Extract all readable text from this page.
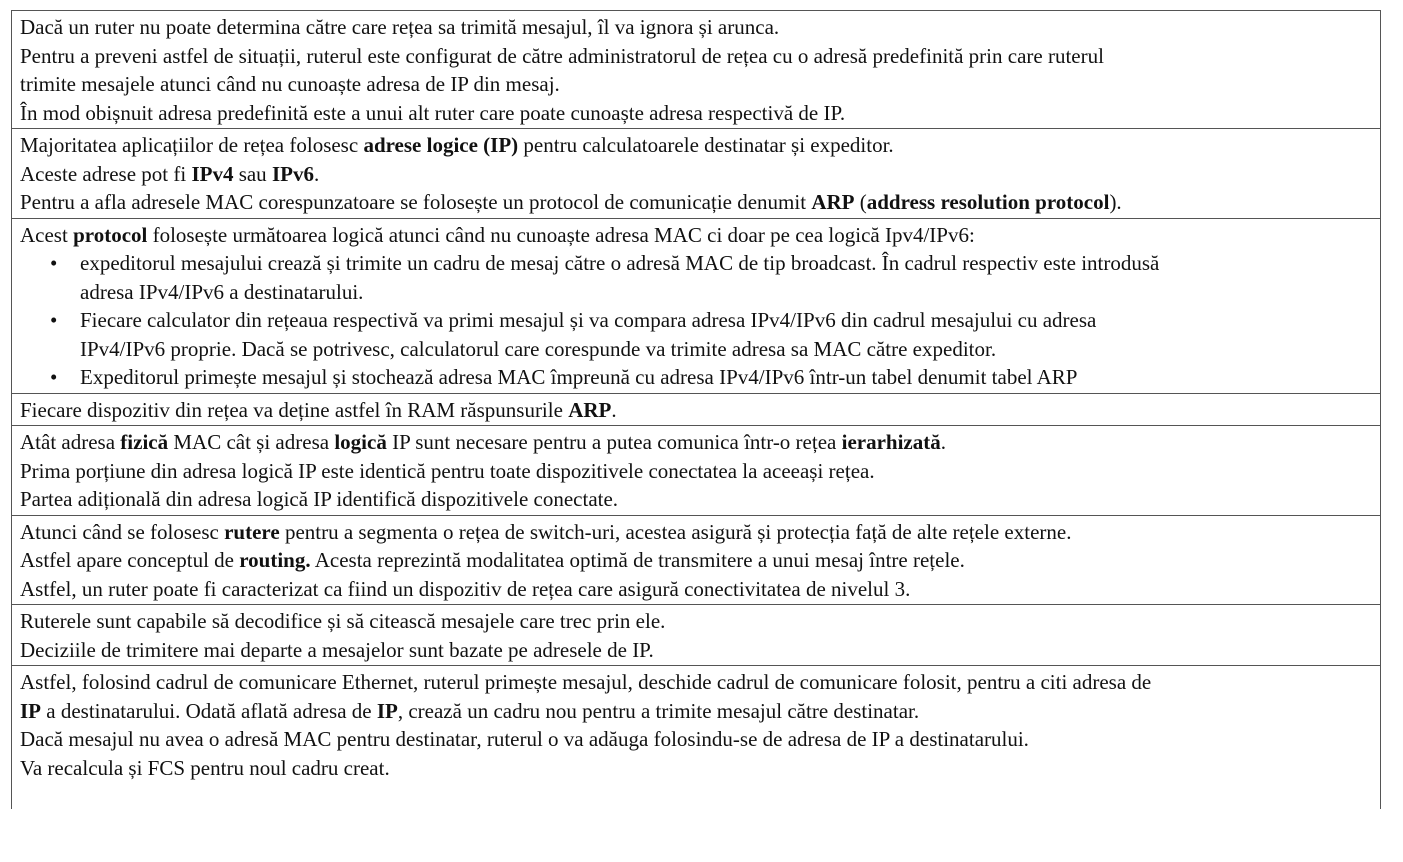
Dacă un ruter nu poate determina către care rețea sa trimită mesajul, îl va ignora și arunca.
Pentru a preveni astfel de situații, ruterul este configurat de către administratorul de rețea cu o adresă predefinită prin care ruterul
trimite mesajele atunci când nu cunoaște adresa de IP din mesaj.
În mod obișnuit adresa predefinită este a unui alt ruter care poate cunoaște adresa respectivă de IP.
Majoritatea aplicațiilor de rețea folosesc adrese logice (IP) pentru calculatoarele destinatar și expeditor.
Aceste adrese pot fi IPv4 sau IPv6.
Pentru a afla adresele MAC corespunzatoare se folosește un protocol de comunicație denumit ARP (address resolution protocol).
Acest protocol folosește următoarea logică atunci când nu cunoaște adresa MAC ci doar pe cea logică Ipv4/IPv6:
• expeditorul mesajului crează și trimite un cadru de mesaj către o adresă MAC de tip broadcast. În cadrul respectiv este introdusă
adresa IPv4/IPv6 a destinatarului.
• Fiecare calculator din rețeaua respectivă va primi mesajul și va compara adresa IPv4/IPv6 din cadrul mesajului cu adresa
IPv4/IPv6 proprie. Dacă se potrivesc, calculatorul care corespunde va trimite adresa sa MAC către expeditor.
• Expeditorul primește mesajul și stochează adresa MAC împreună cu adresa IPv4/IPv6 într-un tabel denumit tabel ARP
Fiecare dispozitiv din rețea va deține astfel în RAM răspunsurile ARP.
Atât adresa fizică MAC cât și adresa logică IP sunt necesare pentru a putea comunica într-o rețea ierarhizată.
Prima porțiune din adresa logică IP este identică pentru toate dispozitivele conectatea la aceeași rețea.
Partea adițională din adresa logică IP identifică dispozitivele conectate.
Atunci când se folosesc rutere pentru a segmenta o rețea de switch-uri, acestea asigură și protecția față de alte rețele externe.
Astfel apare conceptul de routing. Acesta reprezintă modalitatea optimă de transmitere a unui mesaj între rețele.
Astfel, un ruter poate fi caracterizat ca fiind un dispozitiv de rețea care asigură conectivitatea de nivelul 3.
Ruterele sunt capabile să decodifice și să citească mesajele care trec prin ele.
Deciziile de trimitere mai departe a mesajelor sunt bazate pe adresele de IP.
Astfel, folosind cadrul de comunicare Ethernet, ruterul primește mesajul, deschide cadrul de comunicare folosit, pentru a citi adresa de
IP a destinatarului. Odată aflată adresa de IP, crează un cadru nou pentru a trimite mesajul către destinatar.
Dacă mesajul nu avea o adresă MAC pentru destinatar, ruterul o va adăuga folosindu-se de adresa de IP a destinatarului.
Va recalcula și FCS pentru noul cadru creat.
